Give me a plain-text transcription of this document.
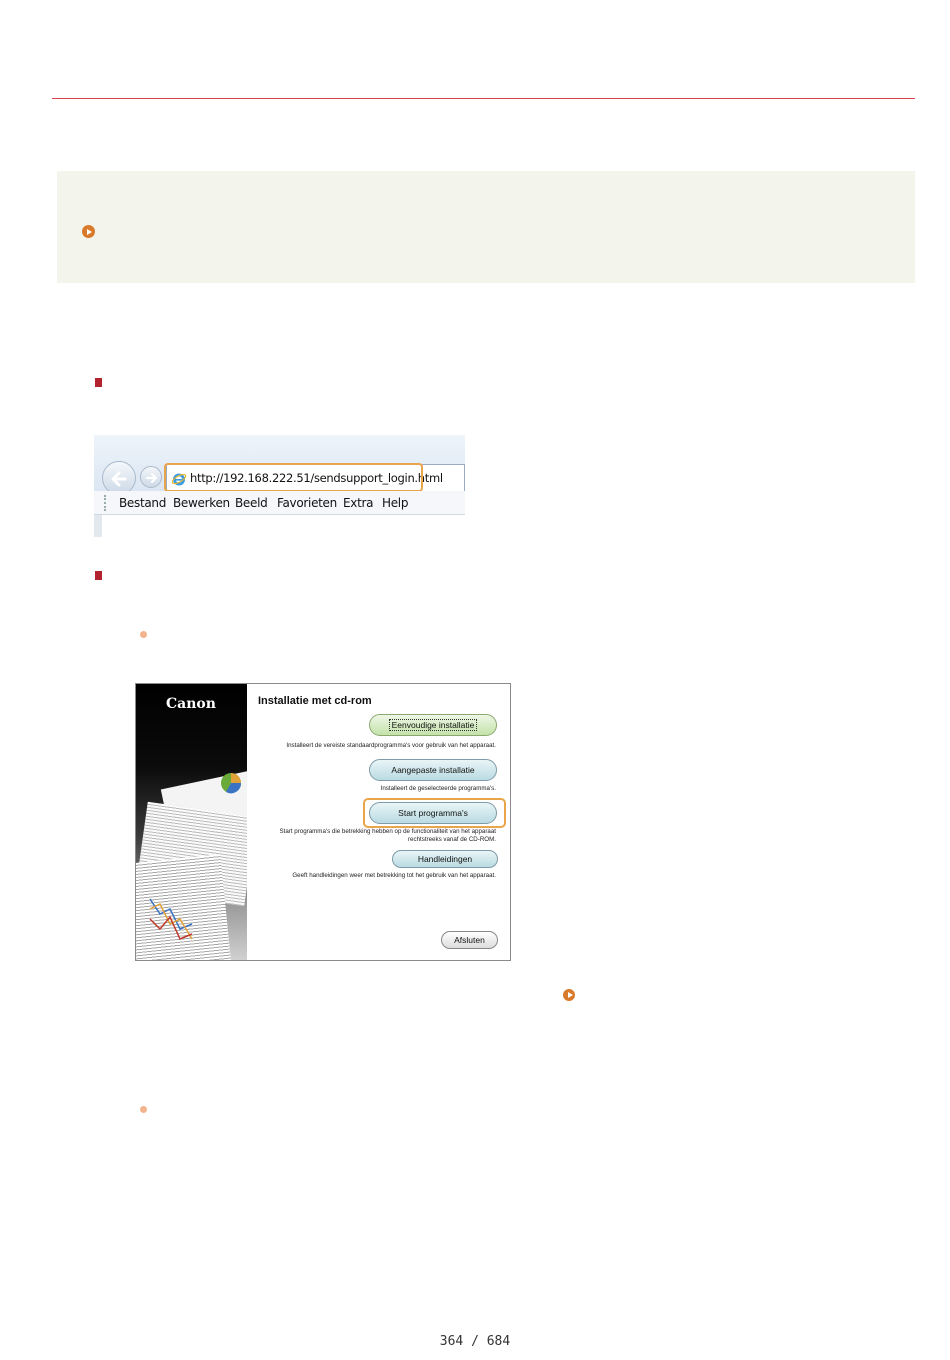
http://192.168.222.51/sendsupport_login.html
Bestand Bewerken Beeld Favorieten Extra Help
Canon	Installatie met cd-rom
Eenvoudige installatie
Installeert de vereiste standaardprogramma's voor gebruik van het apparaat.
Aangepaste installatie
Installeert de geselecteerde programma's.
Start programma's
Start programma's die betrekking hebben op de functionaliteit van het apparaat
rechtstreeks vanaf de CD-ROM.
Handleidingen
Geeft handleidingen weer met betrekking tot het gebruik van het apparaat.
Afsluten
364 / 684
